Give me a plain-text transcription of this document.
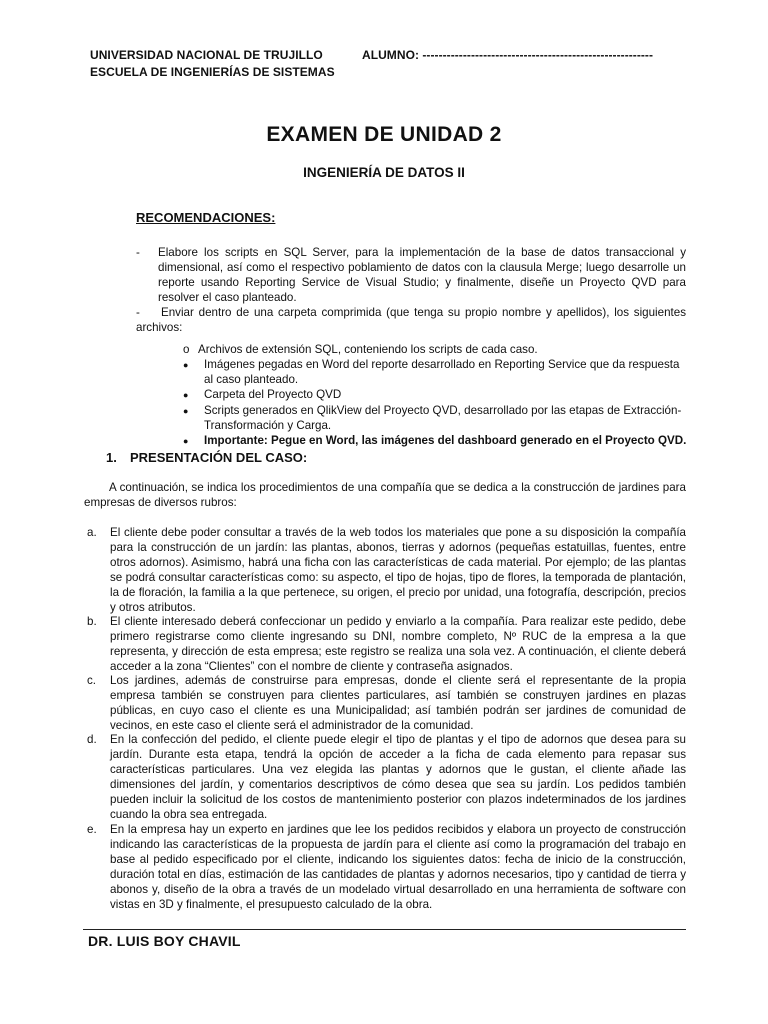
UNIVERSIDAD NACIONAL DE TRUJILLO
ESCUELA DE INGENIERÍAS DE SISTEMAS
ALUMNO: ---------------------------------------------------------
EXAMEN DE UNIDAD 2
INGENIERÍA DE DATOS II
RECOMENDACIONES:
- Elabore los scripts en SQL Server, para la implementación de la base de datos transaccional y dimensional, así como el respectivo poblamiento de datos con la clausula Merge; luego desarrolle un reporte usando Reporting Service de Visual Studio; y finalmente, diseñe un Proyecto QVD para resolver el caso planteado.
-	Enviar dentro de una carpeta comprimida (que tenga su propio nombre y apellidos), los siguientes archivos:
o Archivos de extensión SQL, conteniendo los scripts de cada caso.
● Imágenes pegadas en Word del reporte desarrollado en Reporting Service que da respuesta al caso planteado.
● Carpeta del Proyecto QVD
● Scripts generados en QlikView del Proyecto QVD, desarrollado por las etapas de Extracción-Transformación y Carga.
● Importante: Pegue en Word, las imágenes del dashboard generado en el Proyecto QVD.
1. PRESENTACIÓN DEL CASO:
A continuación, se indica los procedimientos de una compañía que se dedica a la construcción de jardines para empresas de diversos rubros:
a. El cliente debe poder consultar a través de la web todos los materiales que pone a su disposición la compañía para la construcción de un jardín: las plantas, abonos, tierras y adornos (pequeñas estatuillas, fuentes, entre otros adornos). Asimismo, habrá una ficha con las características de cada material. Por ejemplo; de las plantas se podrá consultar características como: su aspecto, el tipo de hojas, tipo de flores, la temporada de plantación, la de floración, la familia a la que pertenece, su origen, el precio por unidad, una fotografía, descripción, precios y otros atributos.
b. El cliente interesado deberá confeccionar un pedido y enviarlo a la compañía. Para realizar este pedido, debe primero registrarse como cliente ingresando su DNI, nombre completo, Nº RUC de la empresa a la que representa, y dirección de esta empresa; este registro se realiza una sola vez. A continuación, el cliente deberá acceder a la zona “Clientes” con el nombre de cliente y contraseña asignados.
c. Los jardines, además de construirse para empresas, donde el cliente será el representante de la propia empresa también se construyen para clientes particulares, así también se construyen jardines en plazas públicas, en cuyo caso el cliente es una Municipalidad; así también podrán ser jardines de comunidad de vecinos, en este caso el cliente será el administrador de la comunidad.
d. En la confección del pedido, el cliente puede elegir el tipo de plantas y el tipo de adornos que desea para su jardín. Durante esta etapa, tendrá la opción de acceder a la ficha de cada elemento para repasar sus características particulares. Una vez elegida las plantas y adornos que le gustan, el cliente añade las dimensiones del jardín, y comentarios descriptivos de cómo desea que sea su jardín. Los pedidos también pueden incluir la solicitud de los costos de mantenimiento posterior con plazos indeterminados de los jardines cuando la obra sea entregada.
e. En la empresa hay un experto en jardines que lee los pedidos recibidos y elabora un proyecto de construcción indicando las características de la propuesta de jardín para el cliente así como la programación del trabajo en base al pedido especificado por el cliente, indicando los siguientes datos: fecha de inicio de la construcción, duración total en días, estimación de las cantidades de plantas y adornos necesarios, tipo y cantidad de tierra y abonos y, diseño de la obra a través de un modelado virtual desarrollado en una herramienta de software con vistas en 3D y finalmente, el presupuesto calculado de la obra.
DR. LUIS BOY CHAVIL
